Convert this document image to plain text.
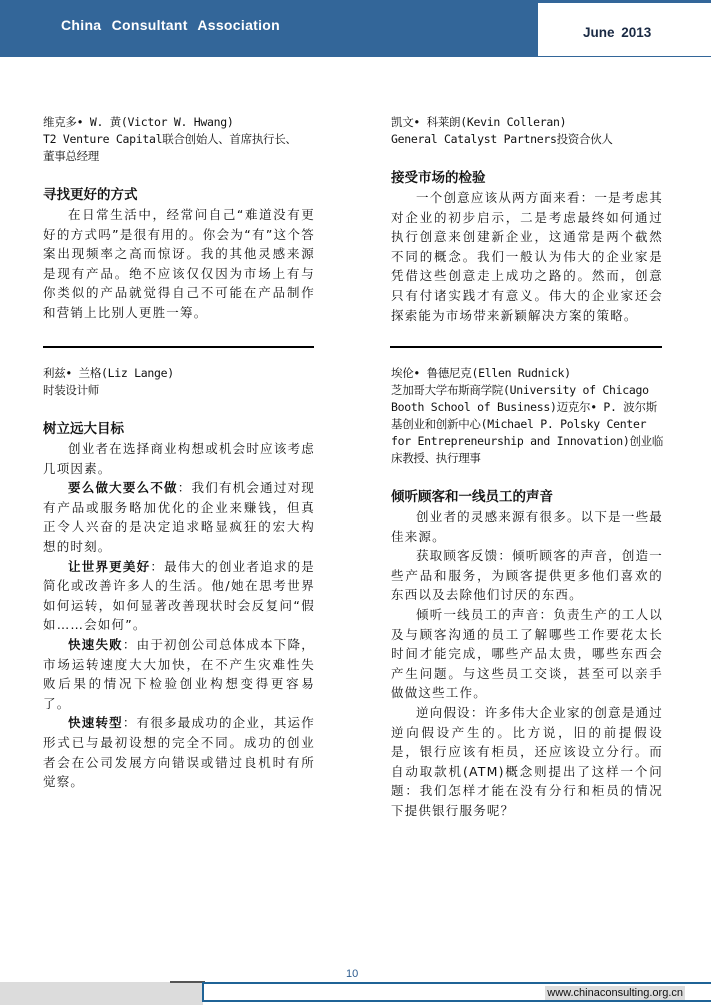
China Consultant Association	June 2013
维克多• W. 黄(Victor W. Hwang)
T2 Venture Capital联合创始人、首席执行长、
董事总经理
寻找更好的方式

在日常生活中，经常问自己“难道没有更好的方式吗”是很有用的。你会为“有”这个答案出现频率之高而惊讶。我的其他灵感来源是现有产品。绝不应该仅仅因为市场上有与你类似的产品就觉得自己不可能在产品制作和营销上比别人更胜一筹。

凯文• 科莱朗(Kevin Colleran)
General Catalyst Partners投资合伙人
接受市场的检验

一个创意应该从两方面来看：一是考虑其对企业的初步启示，二是考虑最终如何通过执行创意来创建新企业，这通常是两个截然不同的概念。我们一般认为伟大的企业家是凭借这些创意走上成功之路的。然而，创意只有付诸实践才有意义。伟大的企业家还会探索能为市场带来新颖解决方案的策略。

利兹• 兰格(Liz Lange)
时装设计师
树立远大目标

创业者在选择商业构想或机会时应该考虑几项因素。

要么做大要么不做：我们有机会通过对现有产品或服务略加优化的企业来赚钱，但真正令人兴奋的是决定追求略显疯狂的宏大构想的时刻。

让世界更美好：最伟大的创业者追求的是简化或改善许多人的生活。他/她在思考世界如何运转，如何显著改善现状时会反复问“假如……会如何”。

快速失败：由于初创公司总体成本下降，市场运转速度大大加快，在不产生灾难性失败后果的情况下检验创业构想变得更容易了。

快速转型：有很多最成功的企业，其运作形式已与最初设想的完全不同。成功的创业者会在公司发展方向错误或错过良机时有所觉察。

埃伦• 鲁德尼克(Ellen Rudnick)
芝加哥大学布斯商学院(University of Chicago
Booth School of Business)迈克尔• P. 波尔斯
基创业和创新中心(Michael P. Polsky Center
for Entrepreneurship and Innovation)创业临
床教授、执行理事
倾听顾客和一线员工的声音

创业者的灵感来源有很多。以下是一些最佳来源。

获取顾客反馈：倾听顾客的声音，创造一些产品和服务，为顾客提供更多他们喜欢的东西以及去除他们讨厌的东西。

倾听一线员工的声音：负责生产的工人以及与顾客沟通的员工了解哪些工作要花太长时间才能完成，哪些产品太贵，哪些东西会产生问题。与这些员工交谈，甚至可以亲手做做这些工作。

逆向假设：许多伟大企业家的创意是通过逆向假设产生的。比方说，旧的前提假设是，银行应该有柜员，还应该设立分行。而自动取款机(ATM)概念则提出了这样一个问题：我们怎样才能在没有分行和柜员的情况下提供银行服务呢？

10
www.chinaconsulting.org.cn
